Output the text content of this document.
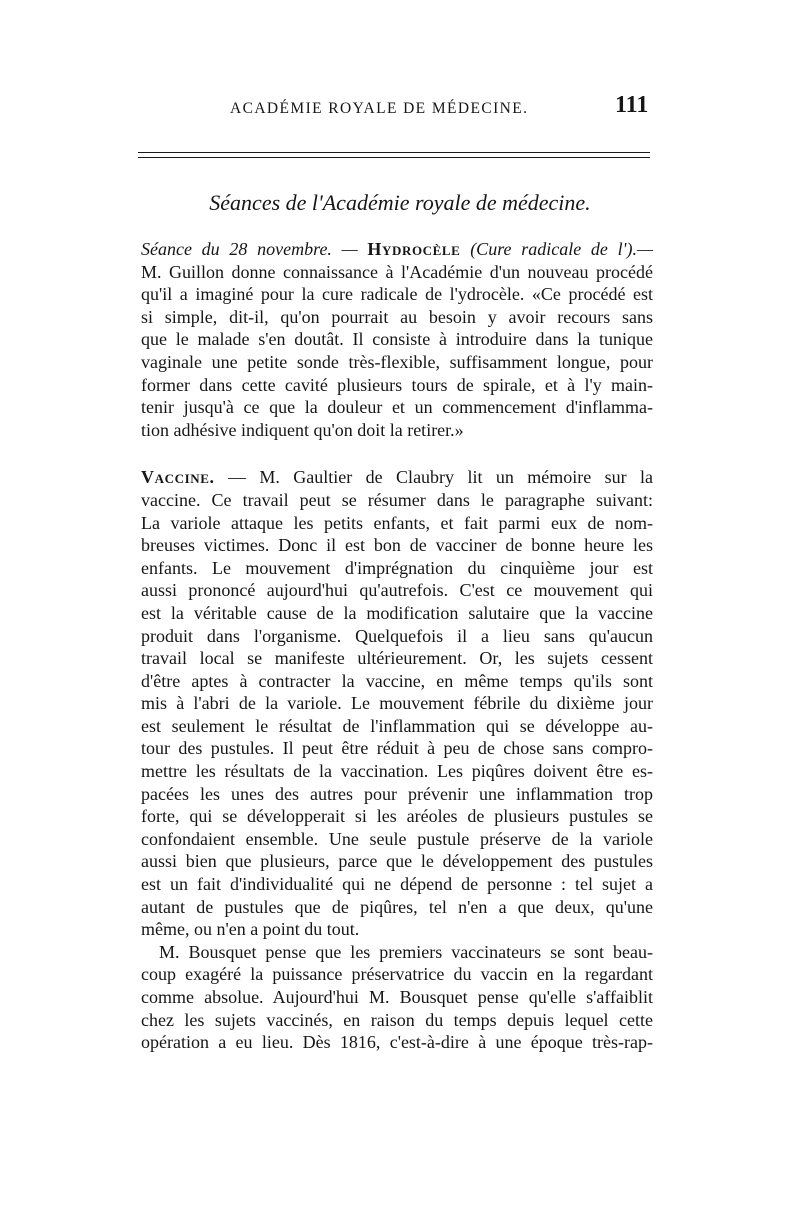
ACADÉMIE ROYALE DE MÉDECINE.	111
Séances de l'Académie royale de médecine.
Séance du 28 novembre. — Hydrocèle (Cure radicale de l').—
M. Guillon donne connaissance à l'Académie d'un nouveau procédé
qu'il a imaginé pour la cure radicale de l'ydrocèle. «Ce procédé est
si simple, dit-il, qu'on pourrait au besoin y avoir recours sans
que le malade s'en doutât. Il consiste à introduire dans la tunique
vaginale une petite sonde très-flexible, suffisamment longue, pour
former dans cette cavité plusieurs tours de spirale, et à l'y main-
tenir jusqu'à ce que la douleur et un commencement d'inflamma-
tion adhésive indiquent qu'on doit la retirer.»
Vaccine. — M. Gaultier de Claubry lit un mémoire sur la
vaccine. Ce travail peut se résumer dans le paragraphe suivant:
La variole attaque les petits enfants, et fait parmi eux de nom-
breuses victimes. Donc il est bon de vacciner de bonne heure les
enfants. Le mouvement d'imprégnation du cinquième jour est
aussi prononcé aujourd'hui qu'autrefois. C'est ce mouvement qui
est la véritable cause de la modification salutaire que la vaccine
produit dans l'organisme. Quelquefois il a lieu sans qu'aucun
travail local se manifeste ultérieurement. Or, les sujets cessent
d'être aptes à contracter la vaccine, en même temps qu'ils sont
mis à l'abri de la variole. Le mouvement fébrile du dixième jour
est seulement le résultat de l'inflammation qui se développe au-
tour des pustules. Il peut être réduit à peu de chose sans compro-
mettre les résultats de la vaccination. Les piqûres doivent être es-
pacées les unes des autres pour prévenir une inflammation trop
forte, qui se développerait si les aréoles de plusieurs pustules se
confondaient ensemble. Une seule pustule préserve de la variole
aussi bien que plusieurs, parce que le développement des pustules
est un fait d'individualité qui ne dépend de personne : tel sujet a
autant de pustules que de piqûres, tel n'en a que deux, qu'une
même, ou n'en a point du tout.
M. Bousquet pense que les premiers vaccinateurs se sont beau-
coup exagéré la puissance préservatrice du vaccin en la regardant
comme absolue. Aujourd'hui M. Bousquet pense qu'elle s'affaiblit
chez les sujets vaccinés, en raison du temps depuis lequel cette
opération a eu lieu. Dès 1816, c'est-à-dire à une époque très-rap-
